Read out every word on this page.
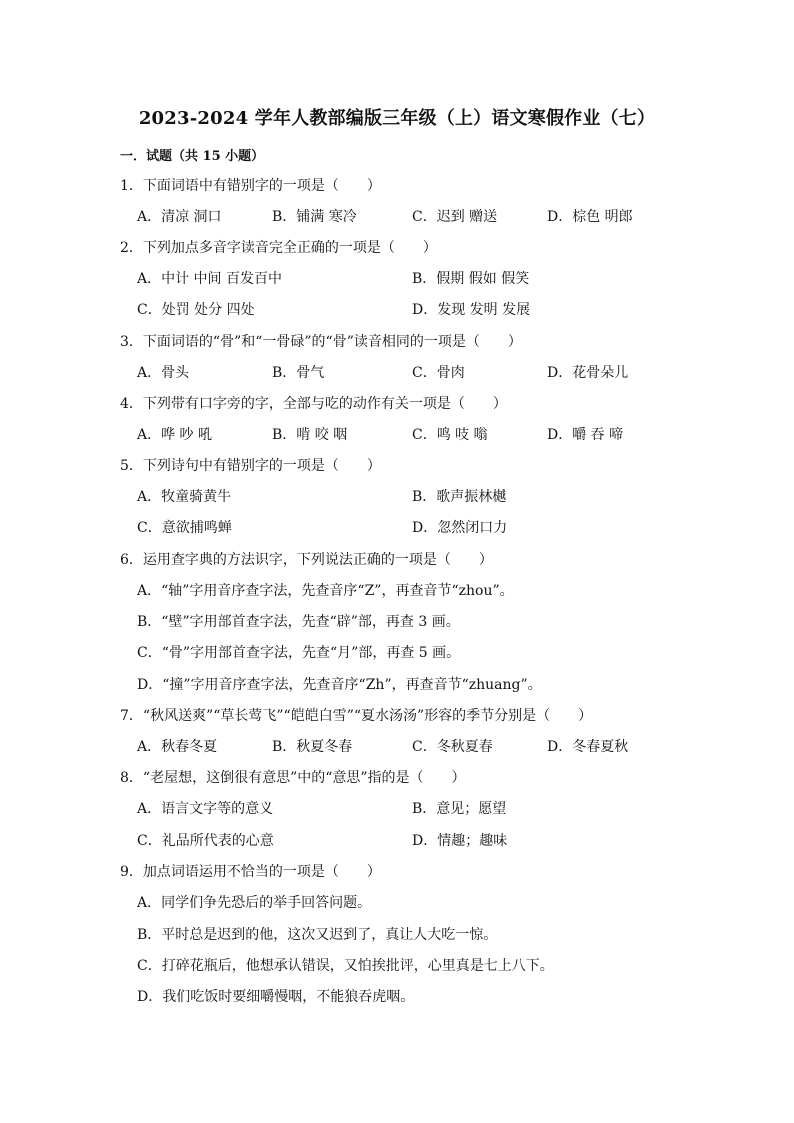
2023-2024 学年人教部编版三年级（上）语文寒假作业（七）
一．试题（共 15 小题）
1．下面词语中有错别字的一项是（　　）
A．清凉 洞口	B．铺满 寒冷	C．迟到 赠送	D．棕色 明郎
2．下列加点多音字读音完全正确的一项是（　　）
A．中计 中间 百发百中	B．假期 假如 假笑
C．处罚 处分 四处	D．发现 发明 发展
3．下面词语的“骨”和“一骨碌”的“骨”读音相同的一项是（　　）
A．骨头	B．骨气	C．骨肉	D．花骨朵儿
4．下列带有口字旁的字，全部与吃的动作有关一项是（　　）
A．哗 吵 吼	B．啃 咬 咽	C．鸣 吱 嗡	D．嚼 吞 啼
5．下列诗句中有错别字的一项是（　　）
A．牧童骑黄牛	B．歌声振林樾
C．意欲捕鸣蝉	D．忽然闭口力
6．运用查字典的方法识字，下列说法正确的一项是（　　）
A．“轴”字用音序查字法，先查音序“Z”，再查音节“zhou”。
B．“壁”字用部首查字法，先查“辟”部，再查 3 画。
C．“骨”字用部首查字法，先查“月”部，再查 5 画。
D．“撞”字用音序查字法，先查音序“Zh”，再查音节“zhuang”。
7．“秋风送爽”“草长莺飞”“皑皑白雪”“夏水汤汤”形容的季节分别是（　　）
A．秋春冬夏	B．秋夏冬春	C．冬秋夏春	D．冬春夏秋
8．“老屋想，这倒很有意思”中的“意思”指的是（　　）
A．语言文字等的意义	B．意见；愿望
C．礼品所代表的心意	D．情趣；趣味
9．加点词语运用不恰当的一项是（　　）
A．同学们争先恐后的举手回答问题。
B．平时总是迟到的他，这次又迟到了，真让人大吃一惊。
C．打碎花瓶后，他想承认错误，又怕挨批评，心里真是七上八下。
D．我们吃饭时要细嚼慢咽，不能狼吞虎咽。
